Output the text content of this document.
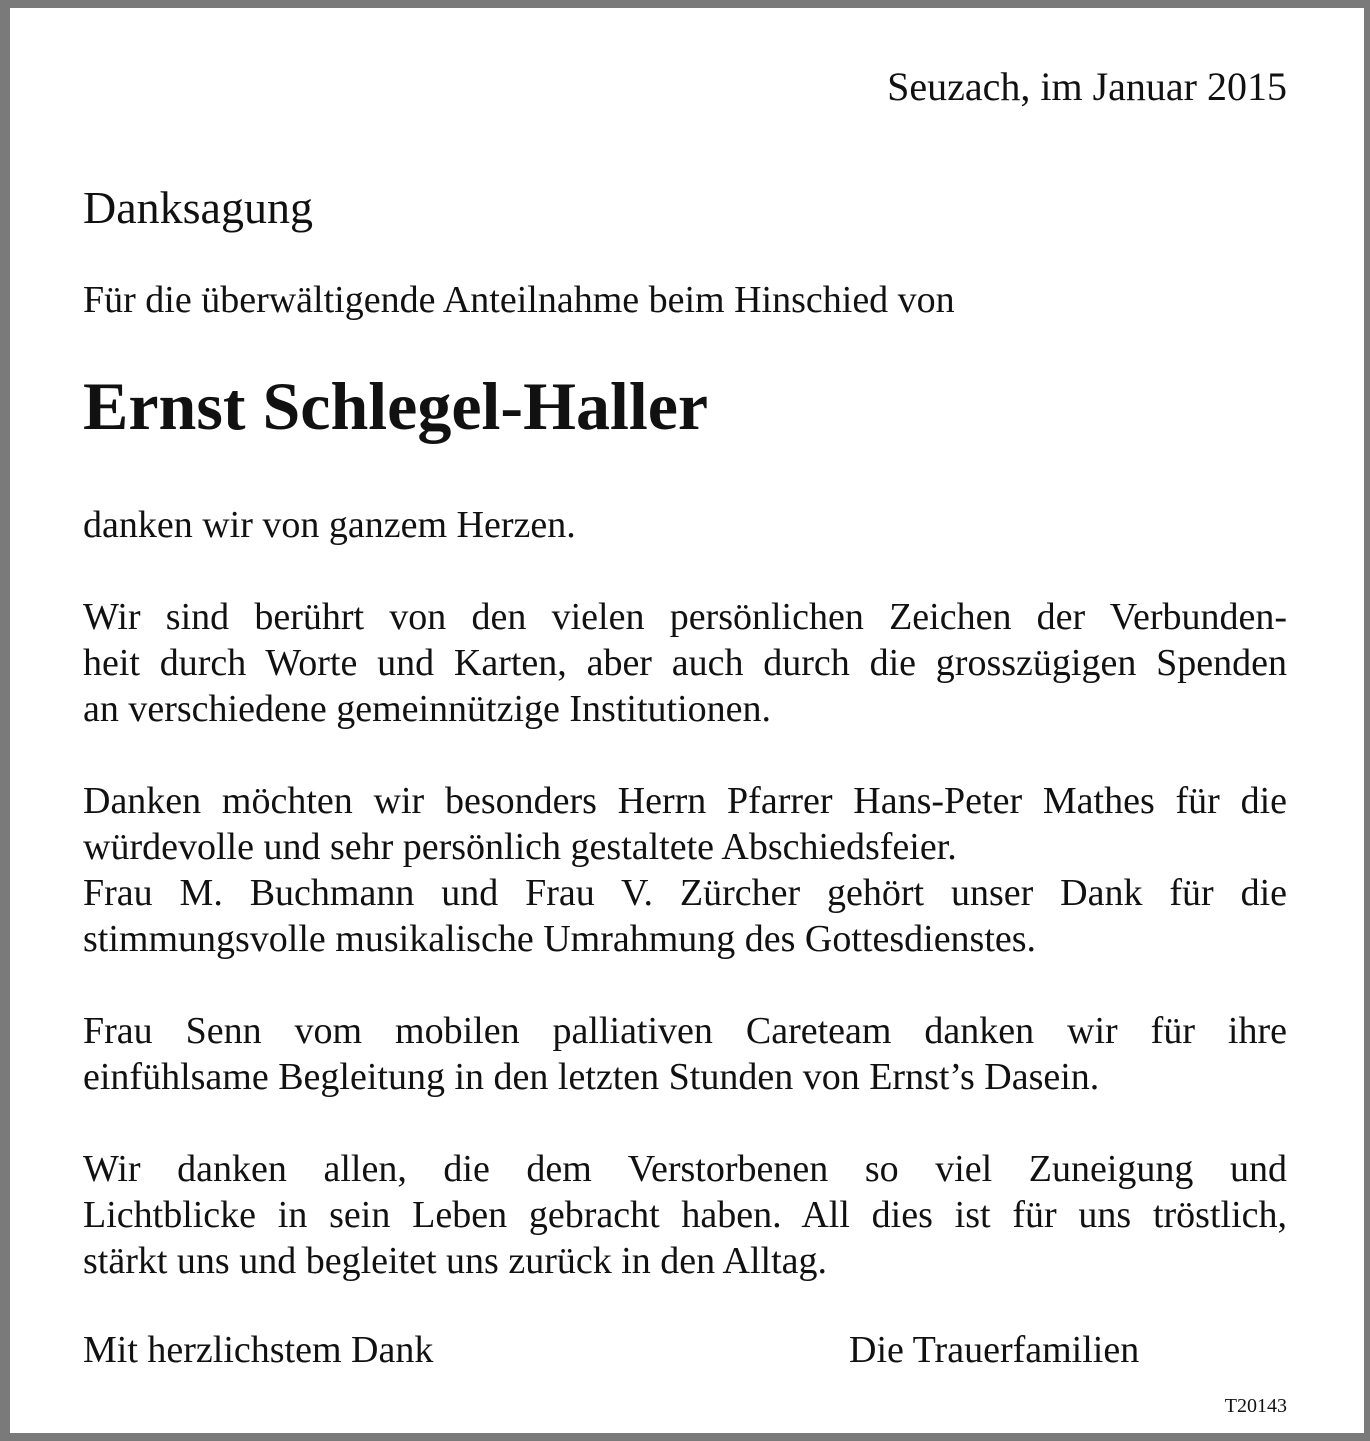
Seuzach, im Januar 2015
Danksagung
Für die überwältigende Anteilnahme beim Hinschied von
Ernst Schlegel-Haller
danken wir von ganzem Herzen.
Wir sind berührt von den vielen persönlichen Zeichen der Verbunden-
heit durch Worte und Karten, aber auch durch die grosszügigen Spenden
an verschiedene gemeinnützige Institutionen.
Danken möchten wir besonders Herrn Pfarrer Hans-Peter Mathes für die
würdevolle und sehr persönlich gestaltete Abschiedsfeier.
Frau M. Buchmann und Frau V. Zürcher gehört unser Dank für die
stimmungsvolle musikalische Umrahmung des Gottesdienstes.
Frau Senn vom mobilen palliativen Careteam danken wir für ihre
einfühlsame Begleitung in den letzten Stunden von Ernst’s Dasein.
Wir danken allen, die dem Verstorbenen so viel Zuneigung und
Lichtblicke in sein Leben gebracht haben. All dies ist für uns tröstlich,
stärkt uns und begleitet uns zurück in den Alltag.
Mit herzlichstem Dank	Die Trauerfamilien
T20143
